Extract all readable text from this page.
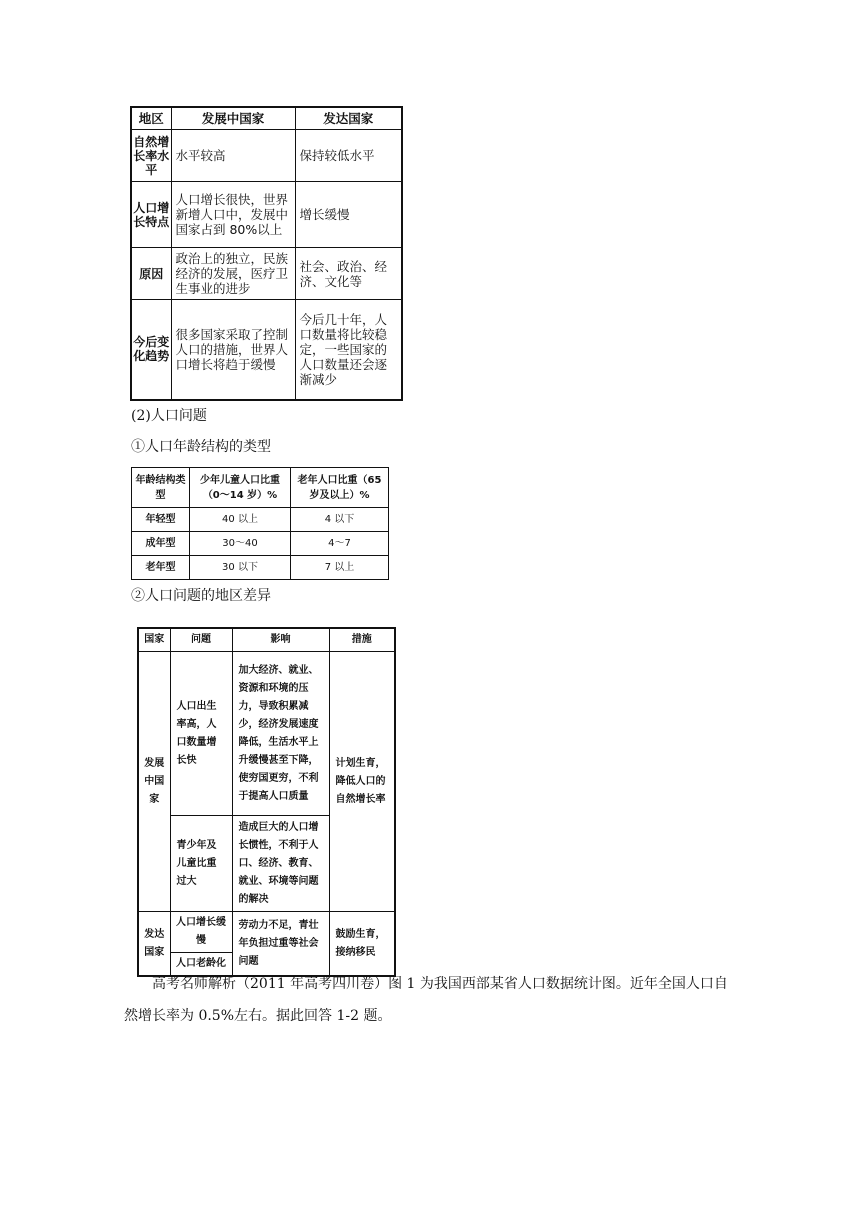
地区	发展中国家	发达国家
自然增长率水平	水平较高	保持较低水平
人口增长特点	人口增长很快，世界新增人口中，发展中国家占到 80%以上	增长缓慢
原因	政治上的独立，民族经济的发展，医疗卫生事业的进步	社会、政治、经济、文化等
今后变化趋势	很多国家采取了控制人口的措施，世界人口增长将趋于缓慢	今后几十年，人口数量将比较稳定，一些国家的人口数量还会逐渐减少
(2)人口问题
①人口年龄结构的类型
年龄结构类型	少年儿童人口比重（0～14 岁）%	老年人口比重（65 岁及以上）%
年轻型	40 以上	4 以下
成年型	30～40	4～7
老年型	30 以下	7 以上
②人口问题的地区差异
国家	问题	影响	措施
发展中国家	人口出生率高，人口数量增长快	加大经济、就业、资源和环境的压力，导致积累减少，经济发展速度降低，生活水平上升缓慢甚至下降，使穷国更穷，不利于提高人口质量	计划生育，降低人口的自然增长率
	青少年及儿童比重过大	造成巨大的人口增长惯性，不利于人口、经济、教育、就业、环境等问题的解决	
发达国家	人口增长缓慢	劳动力不足，青壮年负担过重等社会问题	鼓励生育，接纳移民
	人口老龄化		
高考名师解析（2011 年高考四川卷）图 1 为我国西部某省人口数据统计图。近年全国人口自然增长率为 0.5%左右。据此回答 1-2 题。
